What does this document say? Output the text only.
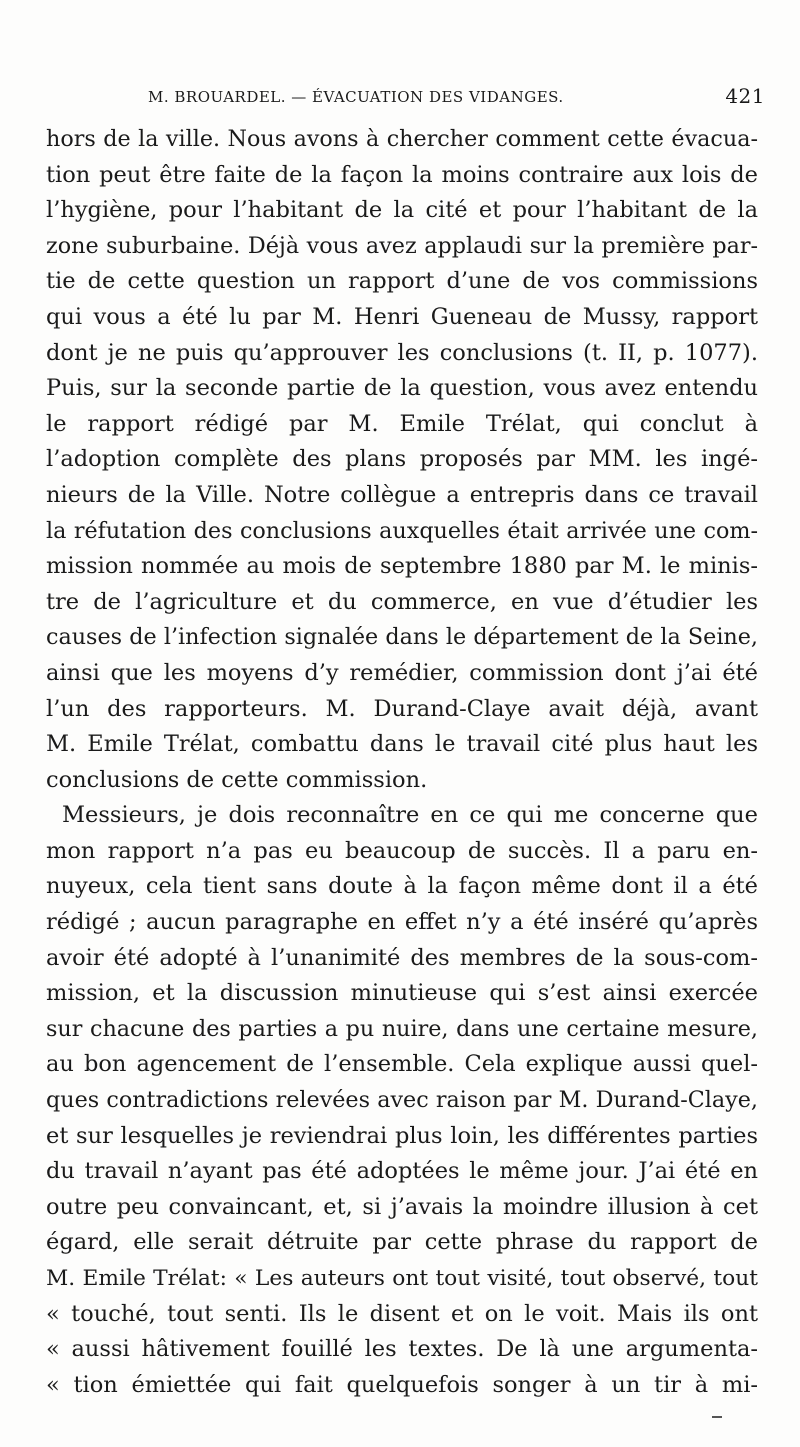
M. BROUARDEL. — ÉVACUATION DES VIDANGES.	421
hors de la ville. Nous avons à chercher comment cette évacua-
tion peut être faite de la façon la moins contraire aux lois de
l’hygiène, pour l’habitant de la cité et pour l’habitant de la
zone suburbaine. Déjà vous avez applaudi sur la première par-
tie de cette question un rapport d’une de vos commissions
qui vous a été lu par M. Henri Gueneau de Mussy, rapport
dont je ne puis qu’approuver les conclusions (t. II, p. 1077).
Puis, sur la seconde partie de la question, vous avez entendu
le rapport rédigé par M. Emile Trélat, qui conclut à
l’adoption complète des plans proposés par MM. les ingé-
nieurs de la Ville. Notre collègue a entrepris dans ce travail
la réfutation des conclusions auxquelles était arrivée une com-
mission nommée au mois de septembre 1880 par M. le minis-
tre de l’agriculture et du commerce, en vue d’étudier les
causes de l’infection signalée dans le département de la Seine,
ainsi que les moyens d’y remédier, commission dont j’ai été
l’un des rapporteurs. M. Durand-Claye avait déjà, avant
M. Emile Trélat, combattu dans le travail cité plus haut les
conclusions de cette commission.
Messieurs, je dois reconnaître en ce qui me concerne que
mon rapport n’a pas eu beaucoup de succès. Il a paru en-
nuyeux, cela tient sans doute à la façon même dont il a été
rédigé ; aucun paragraphe en effet n’y a été inséré qu’après
avoir été adopté à l’unanimité des membres de la sous-com-
mission, et la discussion minutieuse qui s’est ainsi exercée
sur chacune des parties a pu nuire, dans une certaine mesure,
au bon agencement de l’ensemble. Cela explique aussi quel-
ques contradictions relevées avec raison par M. Durand-Claye,
et sur lesquelles je reviendrai plus loin, les différentes parties
du travail n’ayant pas été adoptées le même jour. J’ai été en
outre peu convaincant, et, si j’avais la moindre illusion à cet
égard, elle serait détruite par cette phrase du rapport de
M. Emile Trélat: « Les auteurs ont tout visité, tout observé, tout
« touché, tout senti. Ils le disent et on le voit. Mais ils ont
« aussi hâtivement fouillé les textes. De là une argumenta-
« tion émiettée qui fait quelquefois songer à un tir à mi-
